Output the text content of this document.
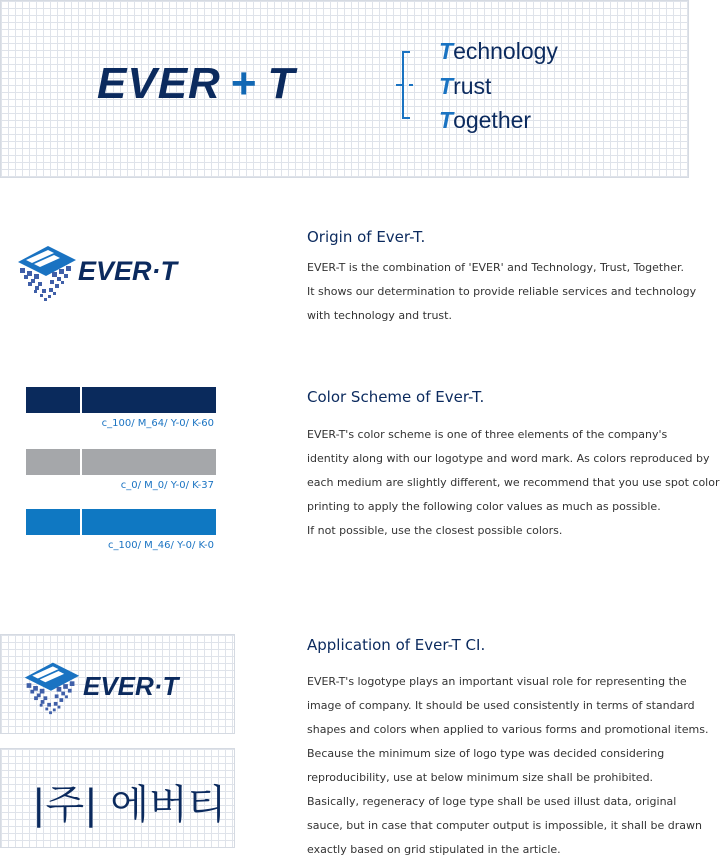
EVER + T
Technology
Trust
Together
EVER·T
Origin of Ever-T.
EVER-T is the combination of 'EVER' and Technology, Trust, Together.
It shows our determination to provide reliable services and technology
with technology and trust.
c_100/ M_64/ Y-0/ K-60
c_0/ M_0/ Y-0/ K-37
c_100/ M_46/ Y-0/ K-0
Color Scheme of Ever-T.
EVER-T's color scheme is one of three elements of the company's
identity along with our logotype and word mark. As colors reproduced by
each medium are slightly different, we recommend that you use spot color
printing to apply the following color values as much as possible.
If not possible, use the closest possible colors.
EVER·T
|주| 에버티
Application of Ever-T CI.
EVER-T's logotype plays an important visual role for representing the
image of company. It should be used consistently in terms of standard
shapes and colors when applied to various forms and promotional items.
Because the minimum size of logo type was decided considering
reproducibility, use at below minimum size shall be prohibited.
Basically, regeneracy of loge type shall be used illust data, original
sauce, but in case that computer output is impossible, it shall be drawn
exactly based on grid stipulated in the article.
